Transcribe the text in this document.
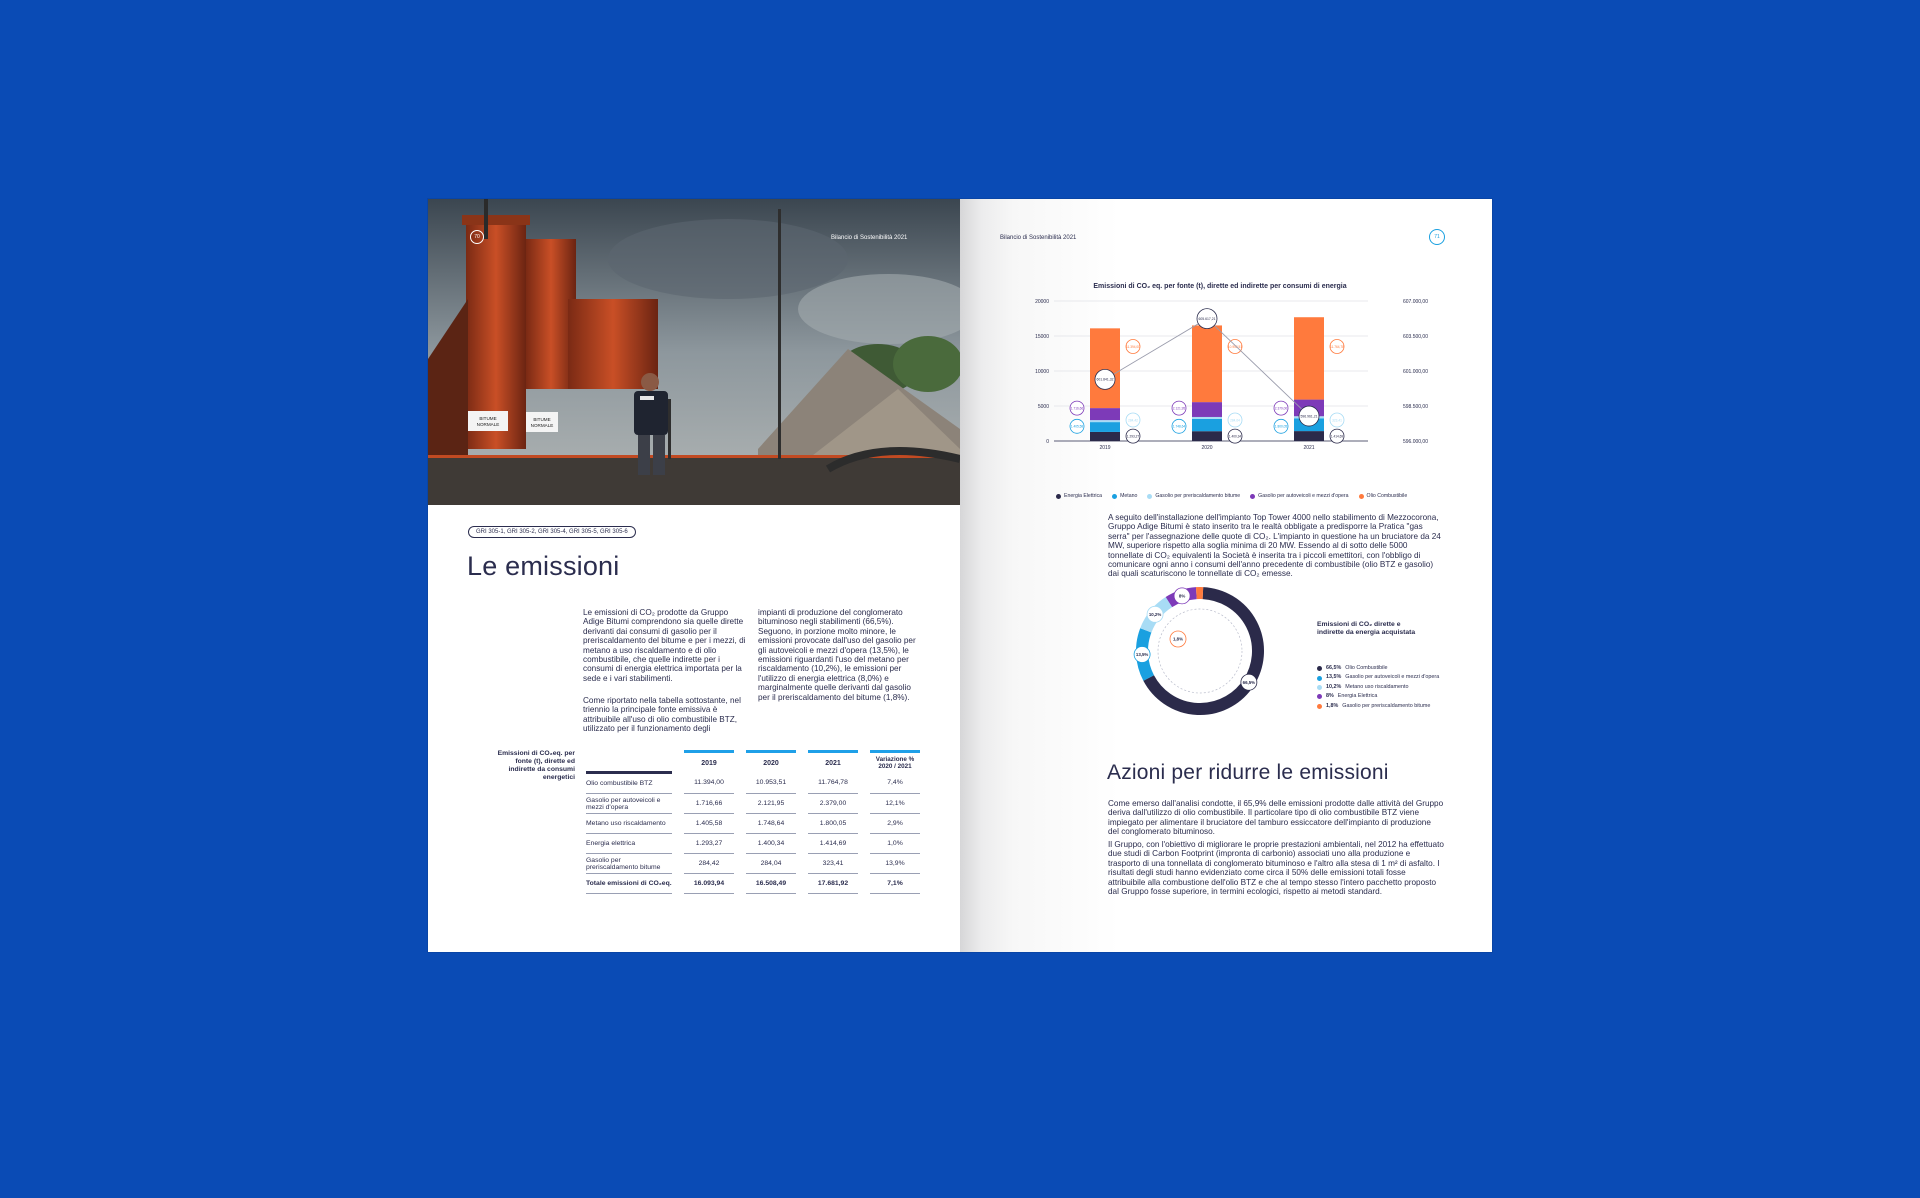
BITUME NORMALE
BITUME NORMALE
70	Bilancio di Sostenibilità 2021
GRI 305-1, GRI 305-2, GRI 305-4, GRI 305-5, GRI 305-6
Le emissioni
Le emissioni di CO₂ prodotte da Gruppo Adige Bitumi comprendono sia quelle dirette derivanti dai consumi di gasolio per il preriscaldamento del bitume e per i mezzi, di metano a uso riscaldamento e di olio combustibile, che quelle indirette per i consumi di energia elettrica importata per la sede e i vari stabilimenti.
Come riportato nella tabella sottostante, nel triennio la principale fonte emissiva è attribuibile all'uso di olio combustibile BTZ, utilizzato per il funzionamento degli
impianti di produzione del conglomerato bituminoso negli stabilimenti (66,5%). Seguono, in porzione molto minore, le emissioni provocate dall'uso del gasolio per gli autoveicoli e mezzi d'opera (13,5%), le emissioni riguardanti l'uso del metano per riscaldamento (10,2%), le emissioni per l'utilizzo di energia elettrica (8,0%) e marginalmente quelle derivanti dal gasolio per il preriscaldamento del bitume (1,8%).
Emissioni di CO₂eq. per fonte (t), dirette ed indirette da consumi energetici
	2019	2020	2021	Variazione % 2020 / 2021
Olio combustibile BTZ	11.394,00	10.953,51	11.764,78	7,4%
Gasolio per autoveicoli e mezzi d'opera	1.716,66	2.121,95	2.379,00	12,1%
Metano uso riscaldamento	1.405,58	1.748,64	1.800,05	2,9%
Energia elettrica	1.293,27	1.400,34	1.414,69	1,0%
Gasolio per preriscaldamento bitume	284,42	284,04	323,41	13,9%
Totale emissioni di CO₂eq.	16.093,94	16.508,49	17.681,92	7,1%
Bilancio di Sostenibilità 2021	71
Emissioni di CO₂ eq. per fonte (t), dirette ed indirette per consumi di energia
0	596.000,00
5000	598.500,00
10000	601.000,00
15000	603.500,00
20000	607.000,00
2019
1.293,27
1.405,58
284,42
1.716,66
11.394,00
2020
1.400,34
1.748,64
284,04
2.121,95
10.953,51
2021
1.414,69
1.800,05
323,41
2.379,00
11.764,78
601.841,32
605.617,21
596.961,21
Energia Elettrica	Metano	Gasolio per preriscaldamento bitume	Gasolio per autoveicoli e mezzi d'opera	Olio Combustibile
A seguito dell'installazione dell'impianto Top Tower 4000 nello stabilimento di Mezzocorona, Gruppo Adige Bitumi è stato inserito tra le realtà obbligate a predisporre la Pratica "gas serra" per l'assegnazione delle quote di CO₂. L'impianto in questione ha un bruciatore da 24 MW, superiore rispetto alla soglia minima di 20 MW. Essendo al di sotto delle 5000 tonnellate di CO₂ equivalenti la Società è inserita tra i piccoli emettitori, con l'obbligo di comunicare ogni anno i consumi dell'anno precedente di combustibile (olio BTZ e gasolio) dai quali scaturiscono le tonnellate di CO₂ emesse.
66,5%
13,5%
10,2%
8%
1,8%
Emissioni di CO₂ dirette e indirette da energia acquistata
66,5% Olio Combustibile
13,5% Gasolio per autoveicoli e mezzi d'opera
10,2% Metano uso riscaldamento
8% Energia Elettrica
1,8% Gasolio per preriscaldamento bitume
Azioni per ridurre le emissioni
Come emerso dall'analisi condotte, il 65,9% delle emissioni prodotte dalle attività del Gruppo deriva dall'utilizzo di olio combustibile. Il particolare tipo di olio combustibile BTZ viene impiegato per alimentare il bruciatore del tamburo essiccatore dell'impianto di produzione del conglomerato bituminoso.
Il Gruppo, con l'obiettivo di migliorare le proprie prestazioni ambientali, nel 2012 ha effettuato due studi di Carbon Footprint (impronta di carbonio) associati uno alla produzione e trasporto di una tonnellata di conglomerato bituminoso e l'altro alla stesa di 1 m² di asfalto. I risultati degli studi hanno evidenziato come circa il 50% delle emissioni totali fosse attribuibile alla combustione dell'olio BTZ e che al tempo stesso l'intero pacchetto proposto dal Gruppo fosse superiore, in termini ecologici, rispetto ai metodi standard.
